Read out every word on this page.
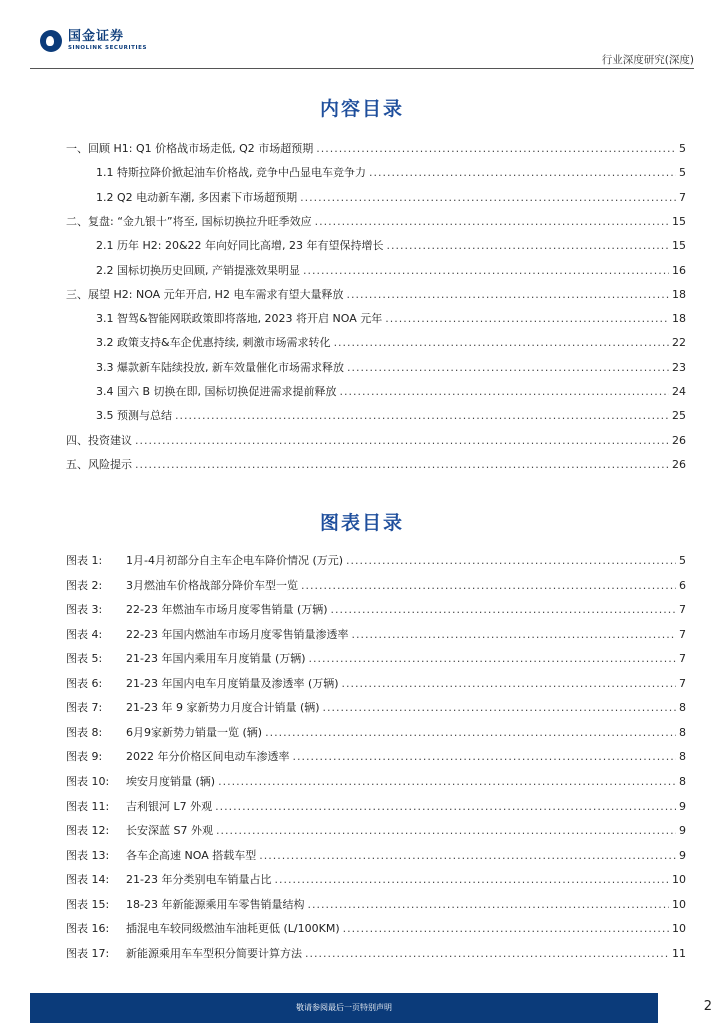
国金证券
SINOLINK SECURITIES
行业深度研究(深度)
内容目录
一、回顾 H1: Q1 价格战市场走低, Q2 市场超预期 .....	5
1.1 特斯拉降价掀起油车价格战, 竞争中凸显电车竞争力 .....	5
1.2 Q2 电动新车潮, 多因素下市场超预期 .....	7
二、复盘: “金九银十”将至, 国标切换拉升旺季效应 .....	15
2.1 历年 H2: 20&22 年向好同比高增, 23 年有望保持增长 .....	15
2.2 国标切换历史回顾, 产销提涨效果明显 .....	16
三、展望 H2: NOA 元年开启, H2 电车需求有望大量释放 .....	18
3.1 智驾&智能网联政策即将落地, 2023 将开启 NOA 元年 .....	18
3.2 政策支持&车企优惠持续, 刺激市场需求转化 .....	22
3.3 爆款新车陆续投放, 新车效量催化市场需求释放 .....	23
3.4 国六 B 切换在即, 国标切换促进需求提前释放 .....	24
3.5 预测与总结 .....	25
四、投资建议 .....	26
五、风险提示 .....	26
图表目录
图表 1:	1月-4月初部分自主车企电车降价情况 (万元) .....	5
图表 2:	3月燃油车价格战部分降价车型一览 .....	6
图表 3:	22-23 年燃油车市场月度零售销量 (万辆) .....	7
图表 4:	22-23 年国内燃油车市场月度零售销量渗透率 .....	7
图表 5:	21-23 年国内乘用车月度销量 (万辆) .....	7
图表 6:	21-23 年国内电车月度销量及渗透率 (万辆) .....	7
图表 7:	21-23 年 9 家新势力月度合计销量 (辆) .....	8
图表 8:	6月9家新势力销量一览 (辆) .....	8
图表 9:	2022 年分价格区间电动车渗透率 .....	8
图表 10:	埃安月度销量 (辆) .....	8
图表 11:	吉利银河 L7 外观 .....	9
图表 12:	长安深蓝 S7 外观 .....	9
图表 13:	各车企高速 NOA 搭载车型 .....	9
图表 14:	21-23 年分类别电车销量占比 .....	10
图表 15:	18-23 年新能源乘用车零售销量结构 .....	10
图表 16:	插混电车较同级燃油车油耗更低 (L/100KM) .....	10
图表 17:	新能源乘用车车型积分简要计算方法 .....	11
敬请参阅最后一页特别声明	2
